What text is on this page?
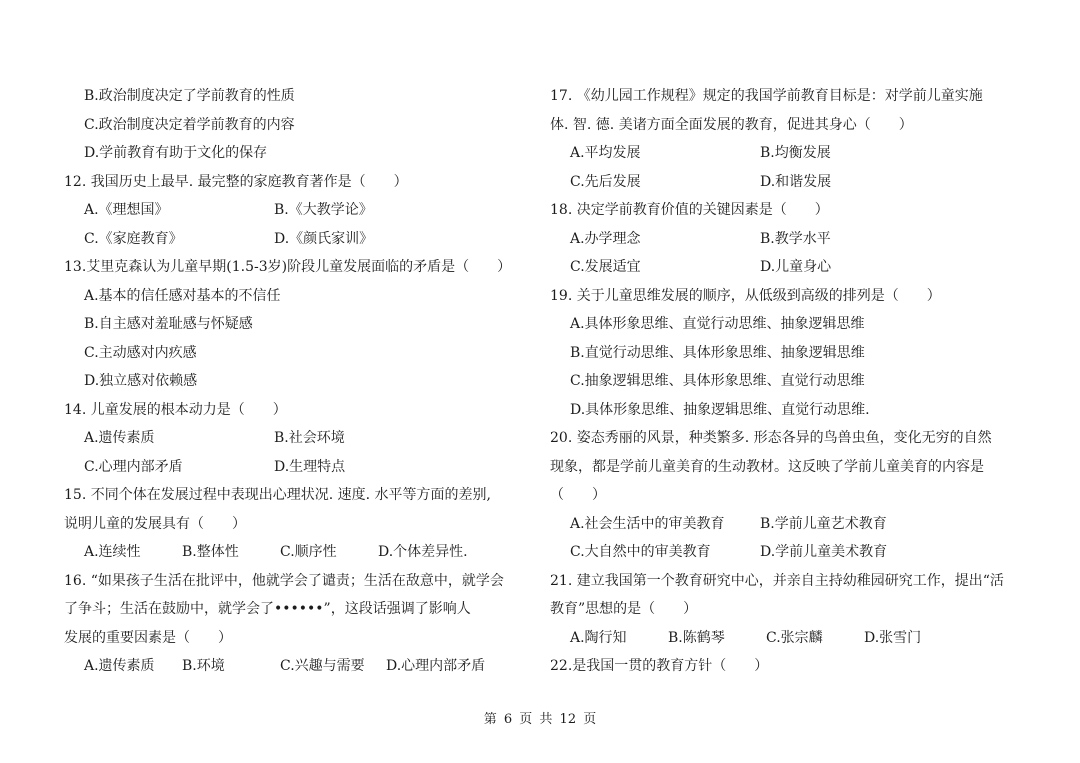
B.政治制度决定了学前教育的性质
C.政治制度决定着学前教育的内容
D.学前教育有助于文化的保存
12. 我国历史上最早. 最完整的家庭教育著作是（　　）
A.《理想国》	B.《大教学论》
C.《家庭教育》	D.《颜氏家训》
13.艾里克森认为儿童早期(1.5-3岁)阶段儿童发展面临的矛盾是（　　）
A.基本的信任感对基本的不信任
B.自主感对羞耻感与怀疑感
C.主动感对内疚感
D.独立感对依赖感
14. 儿童发展的根本动力是（　　）
A.遗传素质	B.社会环境
C.心理内部矛盾	D.生理特点
15. 不同个体在发展过程中表现出心理状况. 速度. 水平等方面的差别,
说明儿童的发展具有（　　）
A.连续性	B.整体性	C.顺序性	D.个体差异性.
16. “如果孩子生活在批评中，他就学会了谴责；生活在敌意中，就学会
了争斗；生活在鼓励中，就学会了••••••”，这段话强调了影响人
发展的重要因素是（　　）
A.遗传素质	B.环境	C.兴趣与需要	D.心理内部矛盾
17. 《幼儿园工作规程》规定的我国学前教育目标是：对学前儿童实施
体. 智. 德. 美诸方面全面发展的教育，促进其身心（　　）
A.平均发展	B.均衡发展
C.先后发展	D.和谐发展
18. 决定学前教育价值的关键因素是（　　）
A.办学理念	B.教学水平
C.发展适宜	D.儿童身心
19. 关于儿童思维发展的顺序，从低级到高级的排列是（　　）
A.具体形象思维、直觉行动思维、抽象逻辑思维
B.直觉行动思维、具体形象思维、抽象逻辑思维
C.抽象逻辑思维、具体形象思维、直觉行动思维
D.具体形象思维、抽象逻辑思维、直觉行动思维.
20. 姿态秀丽的风景，种类繁多. 形态各异的鸟兽虫鱼，变化无穷的自然
现象，都是学前儿童美育的生动教材。这反映了学前儿童美育的内容是
（　　）
A.社会生活中的审美教育	B.学前儿童艺术教育
C.大自然中的审美教育	D.学前儿童美术教育
21. 建立我国第一个教育研究中心，并亲自主持幼稚园研究工作，提出“活
教育”思想的是（　　）
A.陶行知	B.陈鹤琴	C.张宗麟	D.张雪门
22.是我国一贯的教育方针（　　）
第 6 页 共 12 页
